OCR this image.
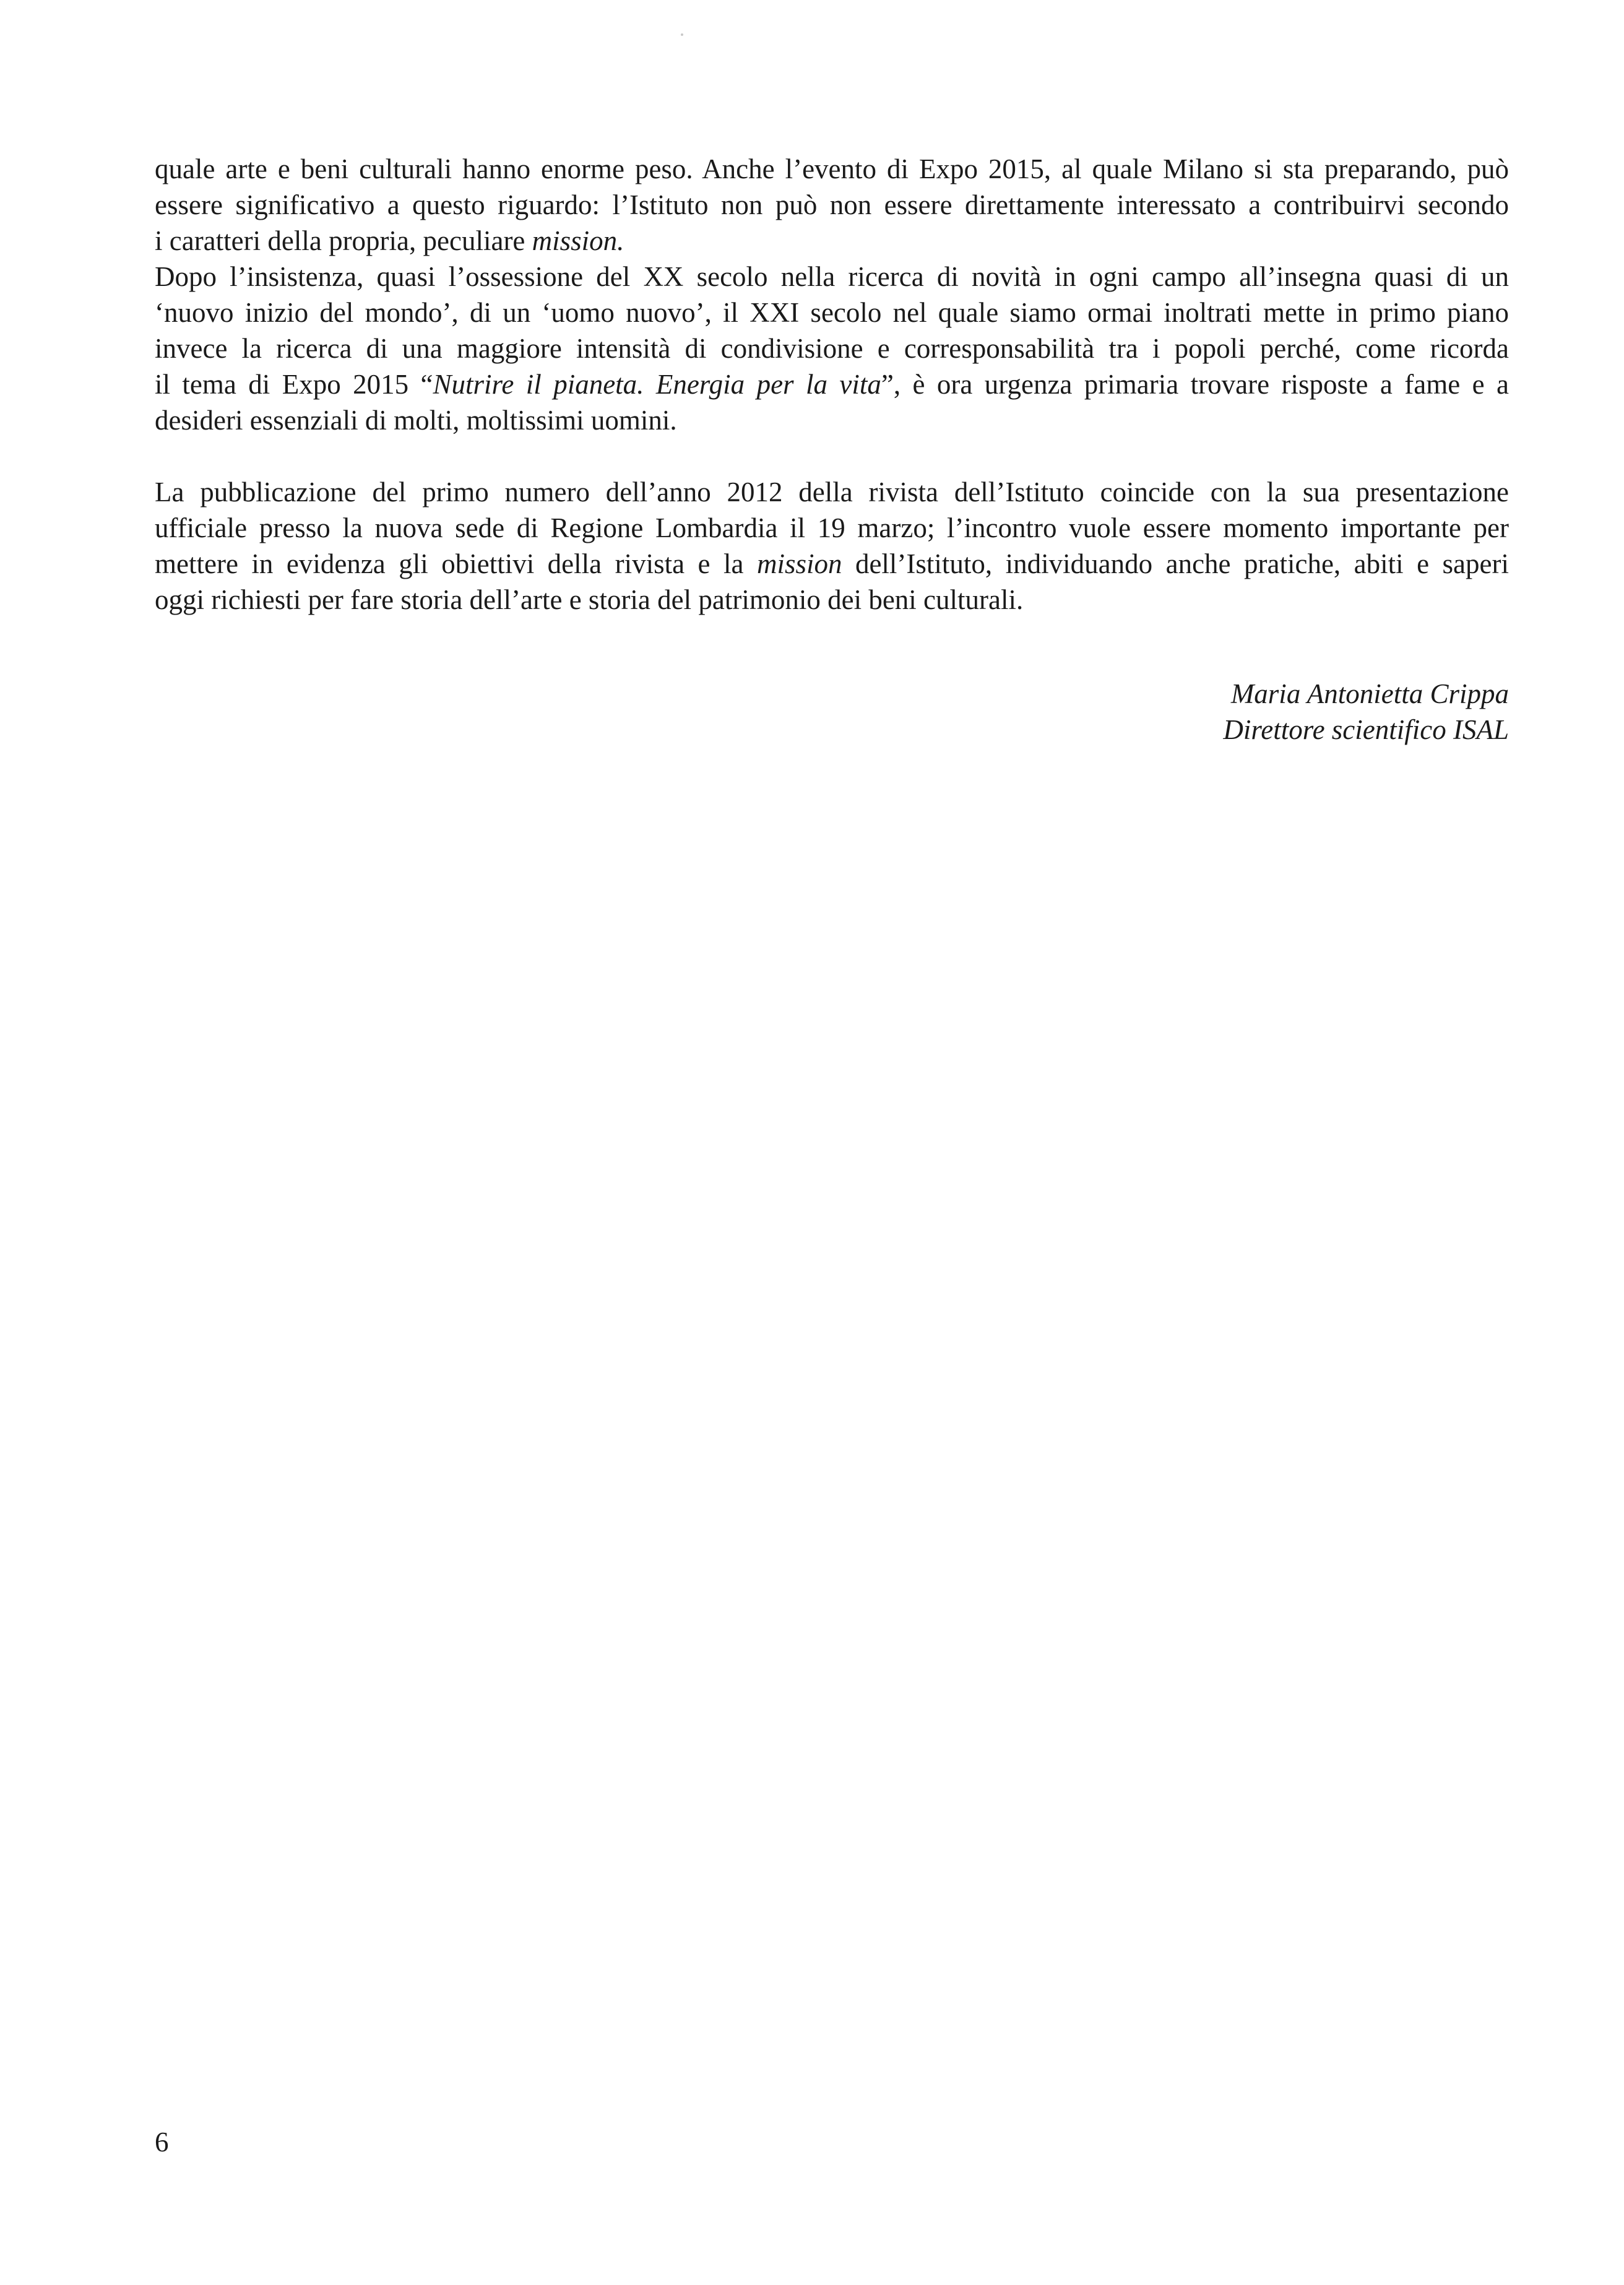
quale arte e beni culturali hanno enorme peso. Anche l’evento di Expo 2015, al quale Milano si sta preparando, può
essere significativo a questo riguardo: l’Istituto non può non essere direttamente interessato a contribuirvi secondo
i caratteri della propria, peculiare mission.

Dopo l’insistenza, quasi l’ossessione del XX secolo nella ricerca di novità in ogni campo all’insegna quasi di un
‘nuovo inizio del mondo’, di un ‘uomo nuovo’, il XXI secolo nel quale siamo ormai inoltrati mette in primo piano
invece la ricerca di una maggiore intensità di condivisione e corresponsabilità tra i popoli perché, come ricorda
il tema di Expo 2015 “Nutrire il pianeta. Energia per la vita”, è ora urgenza primaria trovare risposte a fame e a
desideri essenziali di molti, moltissimi uomini.

La pubblicazione del primo numero dell’anno 2012 della rivista dell’Istituto coincide con la sua presentazione
ufficiale presso la nuova sede di Regione Lombardia il 19 marzo; l’incontro vuole essere momento importante per
mettere in evidenza gli obiettivi della rivista e la mission dell’Istituto, individuando anche pratiche, abiti e saperi
oggi richiesti per fare storia dell’arte e storia del patrimonio dei beni culturali.

Maria Antonietta Crippa
Direttore scientifico ISAL
6
